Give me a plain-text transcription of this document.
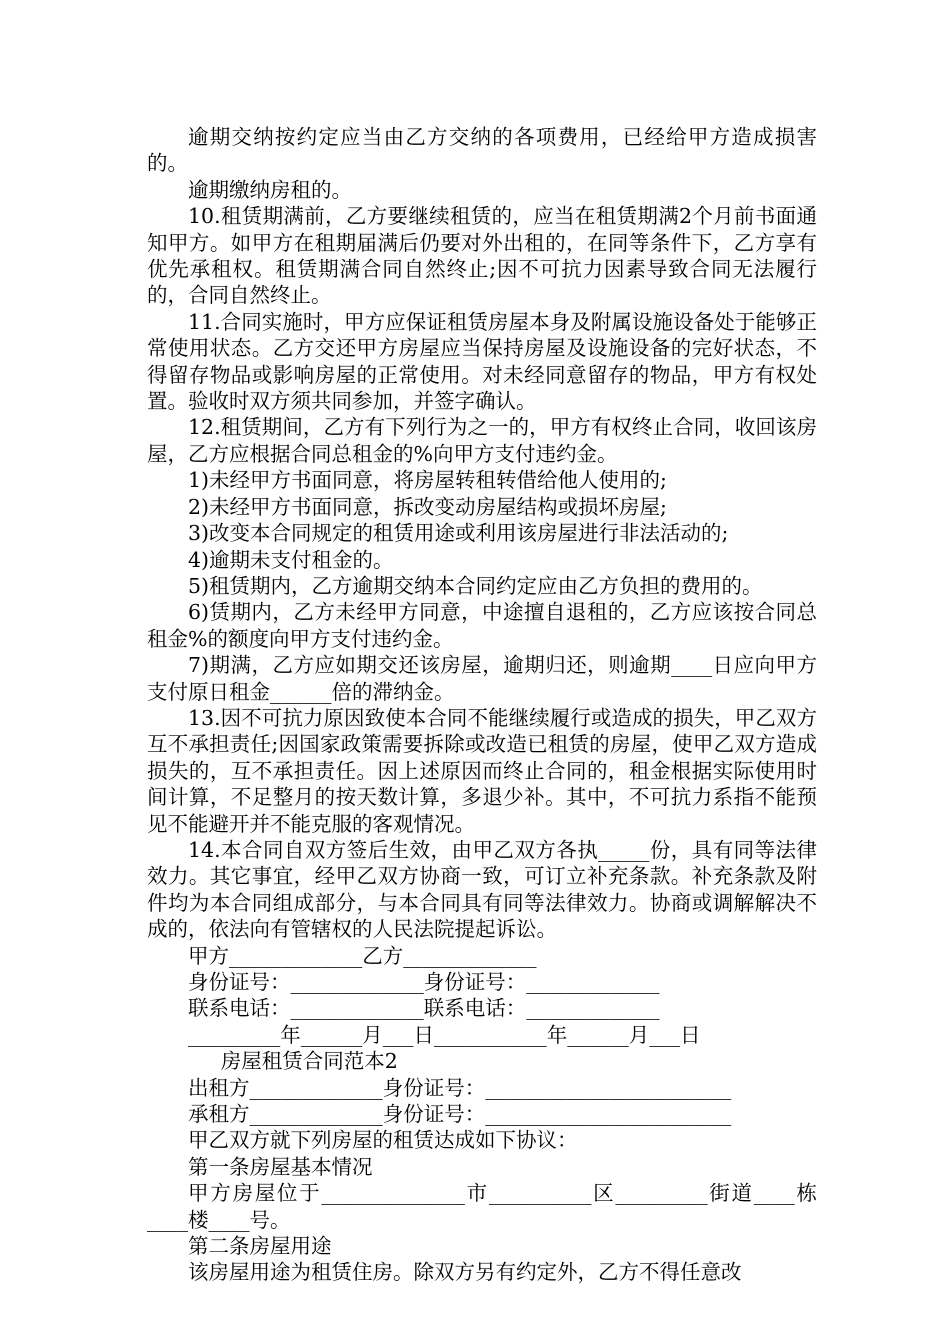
逾期交纳按约定应当由乙方交纳的各项费用，已经给甲方造成损害的。

逾期缴纳房租的。

10.租赁期满前，乙方要继续租赁的，应当在租赁期满2个月前书面通知甲方。如甲方在租期届满后仍要对外出租的，在同等条件下，乙方享有优先承租权。租赁期满合同自然终止;因不可抗力因素导致合同无法履行的，合同自然终止。

11.合同实施时，甲方应保证租赁房屋本身及附属设施设备处于能够正常使用状态。乙方交还甲方房屋应当保持房屋及设施设备的完好状态，不得留存物品或影响房屋的正常使用。对未经同意留存的物品，甲方有权处置。验收时双方须共同参加，并签字确认。

12.租赁期间，乙方有下列行为之一的，甲方有权终止合同，收回该房屋，乙方应根据合同总租金的%向甲方支付违约金。

1)未经甲方书面同意，将房屋转租转借给他人使用的;

2)未经甲方书面同意，拆改变动房屋结构或损坏房屋;

3)改变本合同规定的租赁用途或利用该房屋进行非法活动的;

4)逾期未支付租金的。

5)租赁期内，乙方逾期交纳本合同约定应由乙方负担的费用的。

6)赁期内，乙方未经甲方同意，中途擅自退租的，乙方应该按合同总租金%的额度向甲方支付违约金。

7)期满，乙方应如期交还该房屋，逾期归还，则逾期____日应向甲方支付原日租金______倍的滞纳金。

13.因不可抗力原因致使本合同不能继续履行或造成的损失，甲乙双方互不承担责任;因国家政策需要拆除或改造已租赁的房屋，使甲乙双方造成损失的，互不承担责任。因上述原因而终止合同的，租金根据实际使用时间计算，不足整月的按天数计算，多退少补。其中，不可抗力系指不能预见不能避开并不能克服的客观情况。

14.本合同自双方签后生效，由甲乙双方各执_____份，具有同等法律效力。其它事宜，经甲乙双方协商一致，可订立补充条款。补充条款及附件均为本合同组成部分，与本合同具有同等法律效力。协商或调解解决不成的，依法向有管辖权的人民法院提起诉讼。

甲方_____________乙方_____________

身份证号：_____________身份证号：_____________

联系电话：_____________联系电话：_____________

_________年______月___日___________年______月___日

房屋租赁合同范本2

出租方_____________身份证号：________________________

承租方_____________身份证号：________________________

甲乙双方就下列房屋的租赁达成如下协议：

第一条房屋基本情况

甲方房屋位于______________市__________区_________街道____栋____楼____号。

第二条房屋用途

该房屋用途为租赁住房。除双方另有约定外，乙方不得任意改
